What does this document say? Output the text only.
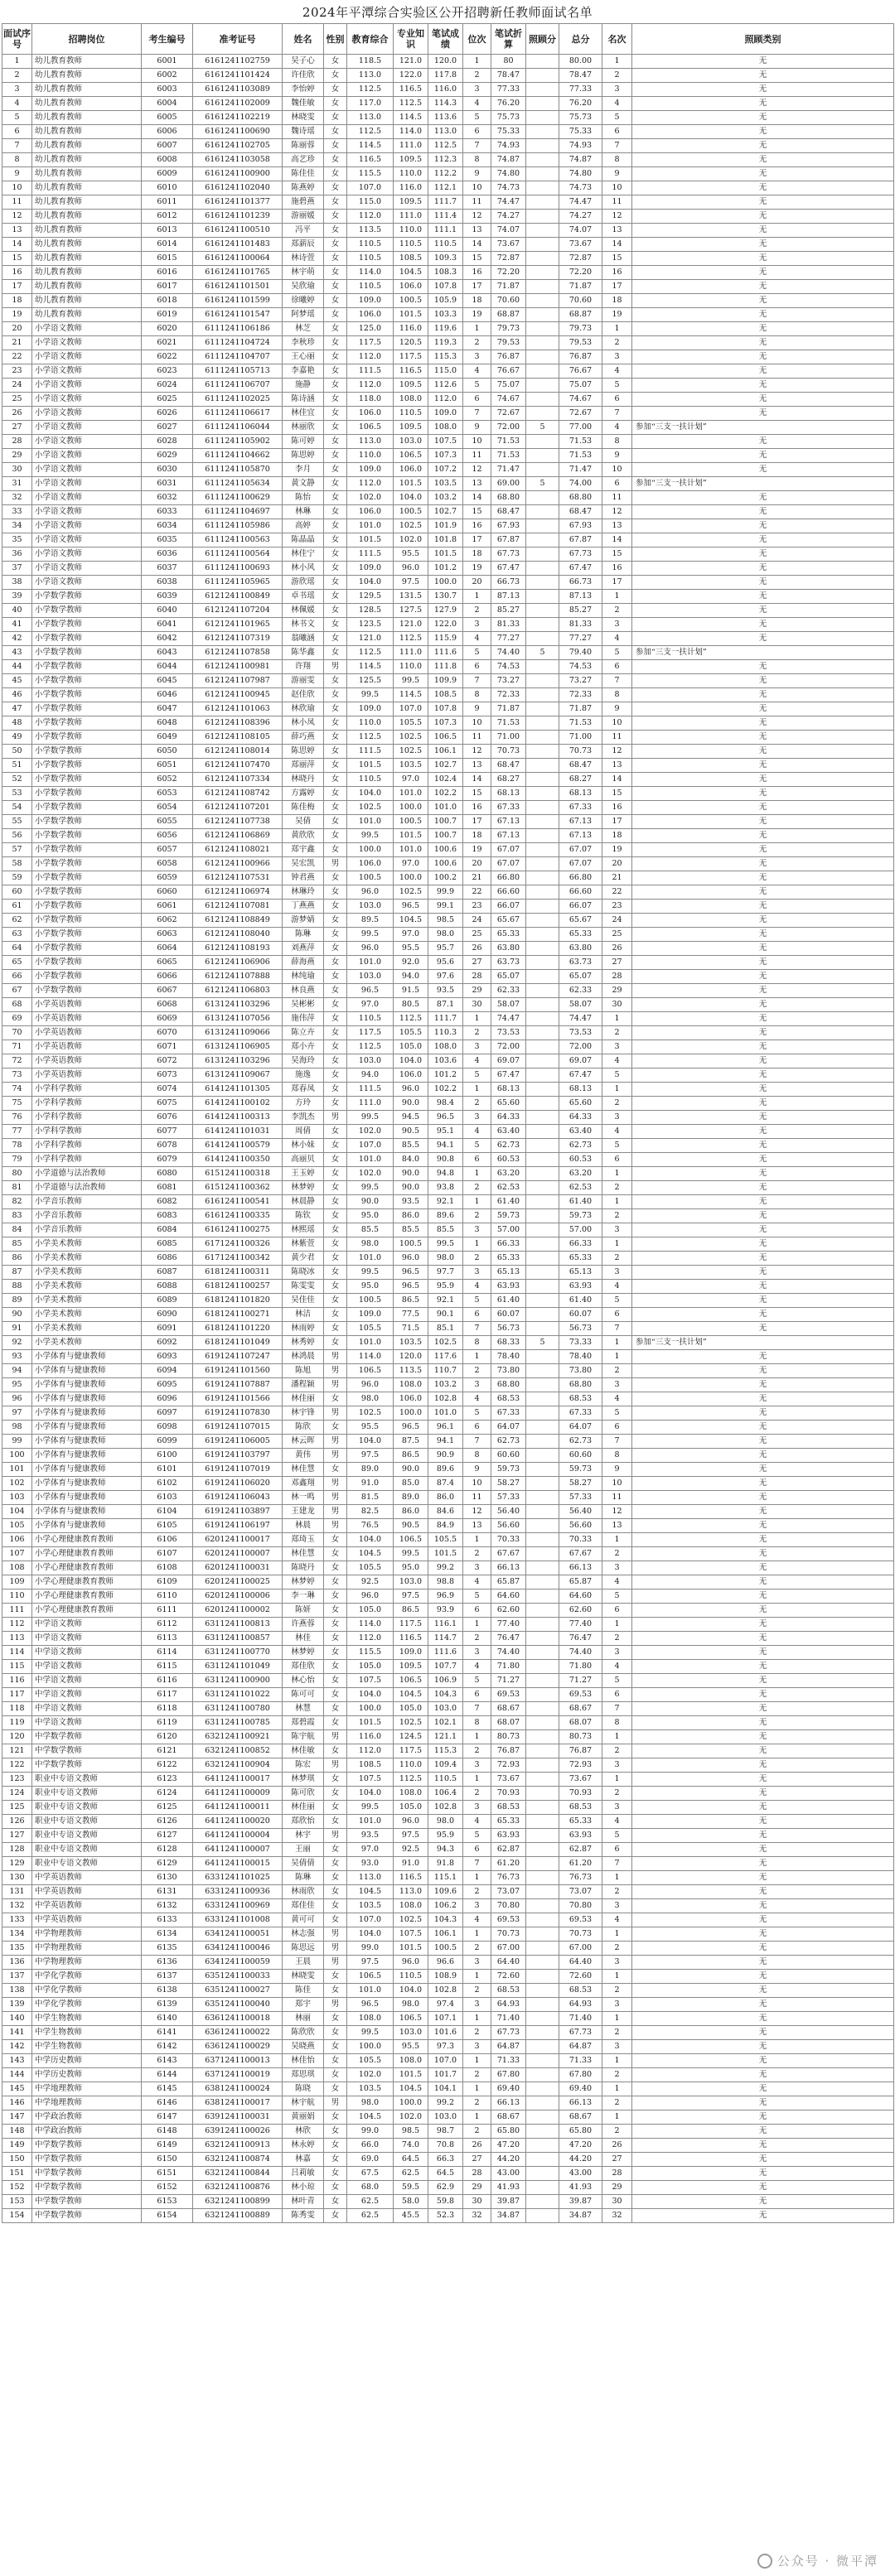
2024年平潭综合实验区公开招聘新任教师面试名单
面试序号	招聘岗位	考生编号	准考证号	姓名	性别	教育综合	专业知识	笔试成绩	位次	笔试折算	照顾分	总分	名次	照顾类别
1	幼儿教育教师	6001	6161241102759	吴子心	女	118.5	121.0	120.0	1	80		80.00	1	无
2	幼儿教育教师	6002	6161241101424	许佳欣	女	113.0	122.0	117.8	2	78.47		78.47	2	无
3	幼儿教育教师	6003	6161241103089	李怡婷	女	112.5	116.5	116.0	3	77.33		77.33	3	无
4	幼儿教育教师	6004	6161241102009	魏佳敏	女	117.0	112.5	114.3	4	76.20		76.20	4	无
5	幼儿教育教师	6005	6161241102219	林晓雯	女	113.0	114.5	113.6	5	75.73		75.73	5	无
6	幼儿教育教师	6006	6161241100690	魏诗瑶	女	112.5	114.0	113.0	6	75.33		75.33	6	无
7	幼儿教育教师	6007	6161241102705	陈丽蓉	女	114.5	111.0	112.5	7	74.93		74.93	7	无
8	幼儿教育教师	6008	6161241103058	高艺珍	女	116.5	109.5	112.3	8	74.87		74.87	8	无
9	幼儿教育教师	6009	6161241100900	陈佳佳	女	115.5	110.0	112.2	9	74.80		74.80	9	无
10	幼儿教育教师	6010	6161241102040	陈燕婷	女	107.0	116.0	112.1	10	74.73		74.73	10	无
11	幼儿教育教师	6011	6161241101377	施碧燕	女	115.0	109.5	111.7	11	74.47		74.47	11	无
12	幼儿教育教师	6012	6161241101239	游丽媛	女	112.0	111.0	111.4	12	74.27		74.27	12	无
13	幼儿教育教师	6013	6161241100510	冯平	女	113.5	110.0	111.1	13	74.07		74.07	13	无
14	幼儿教育教师	6014	6161241101483	郑薪辰	女	110.5	110.5	110.5	14	73.67		73.67	14	无
15	幼儿教育教师	6015	6161241100064	林诗萱	女	110.5	108.5	109.3	15	72.87		72.87	15	无
16	幼儿教育教师	6016	6161241101765	林宇萌	女	114.0	104.5	108.3	16	72.20		72.20	16	无
17	幼儿教育教师	6017	6161241101501	吴欣瑜	女	110.5	106.0	107.8	17	71.87		71.87	17	无
18	幼儿教育教师	6018	6161241101599	徐曦婷	女	109.0	100.5	105.9	18	70.60		70.60	18	无
19	幼儿教育教师	6019	6161241101547	阿梦瑶	女	106.0	101.5	103.3	19	68.87		68.87	19	无
20	小学语文教师	6020	6111241106186	林芝	女	125.0	116.0	119.6	1	79.73		79.73	1	无
21	小学语文教师	6021	6111241104724	李秋珍	女	117.5	120.5	119.3	2	79.53		79.53	2	无
22	小学语文教师	6022	6111241104707	王心丽	女	112.0	117.5	115.3	3	76.87		76.87	3	无
23	小学语文教师	6023	6111241105713	李嘉艳	女	111.5	116.5	115.0	4	76.67		76.67	4	无
24	小学语文教师	6024	6111241106707	施静	女	112.0	109.5	112.6	5	75.07		75.07	5	无
25	小学语文教师	6025	6111241102025	陈诗涵	女	118.0	108.0	112.0	6	74.67		74.67	6	无
26	小学语文教师	6026	6111241106617	林佳宜	女	106.0	110.5	109.0	7	72.67		72.67	7	无
27	小学语文教师	6027	6111241106044	林丽欣	女	106.5	109.5	108.0	9	72.00	5	77.00	4	参加“三支一扶计划”
28	小学语文教师	6028	6111241105902	陈可婷	女	113.0	103.0	107.5	10	71.53		71.53	8	无
29	小学语文教师	6029	6111241104662	陈思婷	女	110.0	106.5	107.3	11	71.53		71.53	9	无
30	小学语文教师	6030	6111241105870	李月	女	109.0	106.0	107.2	12	71.47		71.47	10	无
31	小学语文教师	6031	6111241105634	黄文静	女	112.0	101.5	103.5	13	69.00	5	74.00	6	参加“三支一扶计划”
32	小学语文教师	6032	6111241100629	陈怡	女	102.0	104.0	103.2	14	68.80		68.80	11	无
33	小学语文教师	6033	6111241104697	林琳	女	106.0	100.5	102.7	15	68.47		68.47	12	无
34	小学语文教师	6034	6111241105986	高婷	女	101.0	102.5	101.9	16	67.93		67.93	13	无
35	小学语文教师	6035	6111241100563	陈晶晶	女	101.5	102.0	101.8	17	67.87		67.87	14	无
36	小学语文教师	6036	6111241100564	林佳宁	女	111.5	95.5	101.5	18	67.73		67.73	15	无
37	小学语文教师	6037	6111241100693	林小风	女	109.0	96.0	101.2	19	67.47		67.47	16	无
38	小学语文教师	6038	6111241105965	游欣瑶	女	104.0	97.5	100.0	20	66.73		66.73	17	无
39	小学数学教师	6039	6121241100849	卓书瑶	女	129.5	131.5	130.7	1	87.13		87.13	1	无
40	小学数学教师	6040	6121241107204	林佩媛	女	128.5	127.5	127.9	2	85.27		85.27	2	无
41	小学数学教师	6041	6121241101965	林书文	女	123.5	121.0	122.0	3	81.33		81.33	3	无
42	小学数学教师	6042	6121241107319	翁曦涵	女	121.0	112.5	115.9	4	77.27		77.27	4	无
43	小学数学教师	6043	6121241107858	陈华鑫	女	112.5	111.0	111.6	5	74.40	5	79.40	5	参加“三支一扶计划”
44	小学数学教师	6044	6121241100981	许翔	男	114.5	110.0	111.8	6	74.53		74.53	6	无
45	小学数学教师	6045	6121241107987	游丽雯	女	125.5	99.5	109.9	7	73.27		73.27	7	无
46	小学数学教师	6046	6121241100945	赵佳欣	女	99.5	114.5	108.5	8	72.33		72.33	8	无
47	小学数学教师	6047	6121241101063	林欣瑜	女	109.0	107.0	107.8	9	71.87		71.87	9	无
48	小学数学教师	6048	6121241108396	林小凤	女	110.0	105.5	107.3	10	71.53		71.53	10	无
49	小学数学教师	6049	6121241108105	薛巧燕	女	112.5	102.5	106.5	11	71.00		71.00	11	无
50	小学数学教师	6050	6121241108014	陈思婷	女	111.5	102.5	106.1	12	70.73		70.73	12	无
51	小学数学教师	6051	6121241107470	郑丽萍	女	101.5	103.5	102.7	13	68.47		68.47	13	无
52	小学数学教师	6052	6121241107334	林晓丹	女	110.5	97.0	102.4	14	68.27		68.27	14	无
53	小学数学教师	6053	6121241108742	方露婷	女	104.0	101.0	102.2	15	68.13		68.13	15	无
54	小学数学教师	6054	6121241107201	陈佳梅	女	102.5	100.0	101.0	16	67.33		67.33	16	无
55	小学数学教师	6055	6121241107738	吴倩	女	101.0	100.5	100.7	17	67.13		67.13	17	无
56	小学数学教师	6056	6121241106869	黄欣欣	女	99.5	101.5	100.7	18	67.13		67.13	18	无
57	小学数学教师	6057	6121241108021	郑宇鑫	女	100.0	101.0	100.6	19	67.07		67.07	19	无
58	小学数学教师	6058	6121241100966	吴宏凯	男	106.0	97.0	100.6	20	67.07		67.07	20	无
59	小学数学教师	6059	6121241107531	钟君燕	女	100.5	100.0	100.2	21	66.80		66.80	21	无
60	小学数学教师	6060	6121241106974	林琳玲	女	96.0	102.5	99.9	22	66.60		66.60	22	无
61	小学数学教师	6061	6121241107081	丁燕燕	女	103.0	96.5	99.1	23	66.07		66.07	23	无
62	小学数学教师	6062	6121241108849	游梦婧	女	89.5	104.5	98.5	24	65.67		65.67	24	无
63	小学数学教师	6063	6121241108040	陈琳	女	99.5	97.0	98.0	25	65.33		65.33	25	无
64	小学数学教师	6064	6121241108193	刘燕萍	女	96.0	95.5	95.7	26	63.80		63.80	26	无
65	小学数学教师	6065	6121241106906	薛海燕	女	101.0	92.0	95.6	27	63.73		63.73	27	无
66	小学数学教师	6066	6121241107888	林纯瑜	女	103.0	94.0	97.6	28	65.07		65.07	28	无
67	小学数学教师	6067	6121241106803	林良燕	女	96.5	91.5	93.5	29	62.33		62.33	29	无
68	小学英语教师	6068	6131241103296	吴彬彬	女	97.0	80.5	87.1	30	58.07		58.07	30	无
69	小学英语教师	6069	6131241107056	施伟萍	女	110.5	112.5	111.7	1	74.47		74.47	1	无
70	小学英语教师	6070	6131241109066	陈立卉	女	117.5	105.5	110.3	2	73.53		73.53	2	无
71	小学英语教师	6071	6131241106905	郑小卉	女	112.5	105.0	108.0	3	72.00		72.00	3	无
72	小学英语教师	6072	6131241103296	吴海玲	女	103.0	104.0	103.6	4	69.07		69.07	4	无
73	小学英语教师	6073	6131241109067	施逸	女	94.0	106.0	101.2	5	67.47		67.47	5	无
74	小学科学教师	6074	6141241101305	郑春凤	女	111.5	96.0	102.2	1	68.13		68.13	1	无
75	小学科学教师	6075	6141241100102	方玲	女	111.0	90.0	98.4	2	65.60		65.60	2	无
76	小学科学教师	6076	6141241100313	李凯杰	男	99.5	94.5	96.5	3	64.33		64.33	3	无
77	小学科学教师	6077	6141241101031	周倩	女	102.0	90.5	95.1	4	63.40		63.40	4	无
78	小学科学教师	6078	6141241100579	林小妹	女	107.0	85.5	94.1	5	62.73		62.73	5	无
79	小学科学教师	6079	6141241100350	高丽贝	女	101.0	84.0	90.8	6	60.53		60.53	6	无
80	小学道德与法治教师	6080	6151241100318	王玉婷	女	102.0	90.0	94.8	1	63.20		63.20	1	无
81	小学道德与法治教师	6081	6151241100362	林梦婷	女	99.5	90.0	93.8	2	62.53		62.53	2	无
82	小学音乐教师	6082	6161241100541	林晨静	女	90.0	93.5	92.1	1	61.40		61.40	1	无
83	小学音乐教师	6083	6161241100335	陈钦	女	95.0	86.0	89.6	2	59.73		59.73	2	无
84	小学音乐教师	6084	6161241100275	林熙瑶	女	85.5	85.5	85.5	3	57.00		57.00	3	无
85	小学美术教师	6085	6171241100326	林紫萱	女	98.0	100.5	99.5	1	66.33		66.33	1	无
86	小学美术教师	6086	6171241100342	黄少君	女	101.0	96.0	98.0	2	65.33		65.33	2	无
87	小学美术教师	6087	6181241100311	陈晓冰	女	99.5	96.5	97.7	3	65.13		65.13	3	无
88	小学美术教师	6088	6181241100257	陈雯雯	女	95.0	96.5	95.9	4	63.93		63.93	4	无
89	小学美术教师	6089	6181241101820	吴佳佳	女	100.5	86.5	92.1	5	61.40		61.40	5	无
90	小学美术教师	6090	6181241100271	林洁	女	109.0	77.5	90.1	6	60.07		60.07	6	无
91	小学美术教师	6091	6181241101220	林雨婷	女	105.5	71.5	85.1	7	56.73		56.73	7	无
92	小学美术教师	6092	6181241101049	林秀婷	女	101.0	103.5	102.5	8	68.33	5	73.33	1	参加“三支一扶计划”
93	小学体育与健康教师	6093	6191241107247	林鸿晨	男	114.0	120.0	117.6	1	78.40		78.40	1	无
94	小学体育与健康教师	6094	6191241101560	陈旭	男	106.5	113.5	110.7	2	73.80		73.80	2	无
95	小学体育与健康教师	6095	6191241107887	潘程颖	男	96.0	108.0	103.2	3	68.80		68.80	3	无
96	小学体育与健康教师	6096	6191241101566	林佳丽	女	98.0	106.0	102.8	4	68.53		68.53	4	无
97	小学体育与健康教师	6097	6191241107830	林宇锋	男	102.5	100.0	101.0	5	67.33		67.33	5	无
98	小学体育与健康教师	6098	6191241107015	陈欣	女	95.5	96.5	96.1	6	64.07		64.07	6	无
99	小学体育与健康教师	6099	6191241106005	林云晖	男	104.0	87.5	94.1	7	62.73		62.73	7	无
100	小学体育与健康教师	6100	6191241103797	黄伟	男	97.5	86.5	90.9	8	60.60		60.60	8	无
101	小学体育与健康教师	6101	6191241107019	林佳慧	女	89.0	90.0	89.6	9	59.73		59.73	9	无
102	小学体育与健康教师	6102	6191241106020	邓鑫翔	男	91.0	85.0	87.4	10	58.27		58.27	10	无
103	小学体育与健康教师	6103	6191241106043	林一鸣	男	81.5	89.0	86.0	11	57.33		57.33	11	无
104	小学体育与健康教师	6104	6191241103897	王建龙	男	82.5	86.0	84.6	12	56.40		56.40	12	无
105	小学体育与健康教师	6105	6191241106197	林晨	男	76.5	90.5	84.9	13	56.60		56.60	13	无
106	小学心理健康教育教师	6106	6201241100017	郑琦玉	女	104.0	106.5	105.5	1	70.33		70.33	1	无
107	小学心理健康教育教师	6107	6201241100007	林佳慧	女	104.5	99.5	101.5	2	67.67		67.67	2	无
108	小学心理健康教育教师	6108	6201241100031	陈晓丹	女	105.5	95.0	99.2	3	66.13		66.13	3	无
109	小学心理健康教育教师	6109	6201241100025	林梦婷	女	92.5	103.0	98.8	4	65.87		65.87	4	无
110	小学心理健康教育教师	6110	6201241100006	李一琳	女	96.0	97.5	96.9	5	64.60		64.60	5	无
111	小学心理健康教育教师	6111	6201241100002	陈妍	女	105.0	86.5	93.9	6	62.60		62.60	6	无
112	中学语文教师	6112	6311241100813	许燕蓉	女	114.0	117.5	116.1	1	77.40		77.40	1	无
113	中学语文教师	6113	6311241100857	林佳	女	112.0	116.5	114.7	2	76.47		76.47	2	无
114	中学语文教师	6114	6311241100770	林梦婷	女	115.5	109.0	111.6	3	74.40		74.40	3	无
115	中学语文教师	6115	6311241101049	郑佳欣	女	105.0	109.5	107.7	4	71.80		71.80	4	无
116	中学语文教师	6116	6311241100900	林心怡	女	107.5	106.5	106.9	5	71.27		71.27	5	无
117	中学语文教师	6117	6311241101022	陈可可	女	104.0	104.5	104.3	6	69.53		69.53	6	无
118	中学语文教师	6118	6311241100780	林慧	女	100.0	105.0	103.0	7	68.67		68.67	7	无
119	中学语文教师	6119	6311241100785	郑碧霞	女	101.5	102.5	102.1	8	68.07		68.07	8	无
120	中学数学教师	6120	6321241100921	陈宇航	男	116.0	124.5	121.1	1	80.73		80.73	1	无
121	中学数学教师	6121	6321241100852	林佳敏	女	112.0	117.5	115.3	2	76.87		76.87	2	无
122	中学数学教师	6122	6321241100904	陈宏	男	108.5	110.0	109.4	3	72.93		72.93	3	无
123	职业中专语文教师	6123	6411241100017	林梦琪	女	107.5	112.5	110.5	1	73.67		73.67	1	无
124	职业中专语文教师	6124	6411241100009	陈可欣	女	104.0	108.0	106.4	2	70.93		70.93	2	无
125	职业中专语文教师	6125	6411241100011	林佳丽	女	99.5	105.0	102.8	3	68.53		68.53	3	无
126	职业中专语文教师	6126	6411241100020	郑欣怡	女	101.0	96.0	98.0	4	65.33		65.33	4	无
127	职业中专语文教师	6127	6411241100004	林宇	男	93.5	97.5	95.9	5	63.93		63.93	5	无
128	职业中专语文教师	6128	6411241100007	王丽	女	97.0	92.5	94.3	6	62.87		62.87	6	无
129	职业中专语文教师	6129	6411241100015	吴倩倩	女	93.0	91.0	91.8	7	61.20		61.20	7	无
130	中学英语教师	6130	6331241101025	陈琳	女	113.0	116.5	115.1	1	76.73		76.73	1	无
131	中学英语教师	6131	6331241100936	林雨欣	女	104.5	113.0	109.6	2	73.07		73.07	2	无
132	中学英语教师	6132	6331241100969	郑佳佳	女	103.5	108.0	106.2	3	70.80		70.80	3	无
133	中学英语教师	6133	6331241101008	黄可可	女	107.0	102.5	104.3	4	69.53		69.53	4	无
134	中学物理教师	6134	6341241100051	林志强	男	104.0	107.5	106.1	1	70.73		70.73	1	无
135	中学物理教师	6135	6341241100046	陈思远	男	99.0	101.5	100.5	2	67.00		67.00	2	无
136	中学物理教师	6136	6341241100059	王晨	男	97.5	96.0	96.6	3	64.40		64.40	3	无
137	中学化学教师	6137	6351241100033	林晓雯	女	106.5	110.5	108.9	1	72.60		72.60	1	无
138	中学化学教师	6138	6351241100027	陈佳	女	101.0	104.0	102.8	2	68.53		68.53	2	无
139	中学化学教师	6139	6351241100040	郑宇	男	96.5	98.0	97.4	3	64.93		64.93	3	无
140	中学生物教师	6140	6361241100018	林丽	女	108.0	106.5	107.1	1	71.40		71.40	1	无
141	中学生物教师	6141	6361241100022	陈欣欣	女	99.5	103.0	101.6	2	67.73		67.73	2	无
142	中学生物教师	6142	6361241100029	吴晓燕	女	100.0	95.5	97.3	3	64.87		64.87	3	无
143	中学历史教师	6143	6371241100013	林佳怡	女	105.5	108.0	107.0	1	71.33		71.33	1	无
144	中学历史教师	6144	6371241100019	郑思琪	女	102.0	101.5	101.7	2	67.80		67.80	2	无
145	中学地理教师	6145	6381241100024	陈晓	女	103.5	104.5	104.1	1	69.40		69.40	1	无
146	中学地理教师	6146	6381241100017	林宇航	男	98.0	100.0	99.2	2	66.13		66.13	2	无
147	中学政治教师	6147	6391241100031	黄丽娟	女	104.5	102.0	103.0	1	68.67		68.67	1	无
148	中学政治教师	6148	6391241100026	林欣	女	99.0	98.5	98.7	2	65.80		65.80	2	无
149	中学数学教师	6149	6321241100913	林永婷	女	66.0	74.0	70.8	26	47.20		47.20	26	无
150	中学数学教师	6150	6321241100874	林嘉	女	69.0	64.5	66.3	27	44.20		44.20	27	无
151	中学数学教师	6151	6321241100844	吕莉敏	女	67.5	62.5	64.5	28	43.00		43.00	28	无
152	中学数学教师	6152	6321241100876	林小琼	女	68.0	59.5	62.9	29	41.93		41.93	29	无
153	中学数学教师	6153	6321241100899	林叶青	女	62.5	58.0	59.8	30	39.87		39.87	30	无
154	中学数学教师	6154	6321241100889	陈秀雯	女	62.5	45.5	52.3	32	34.87		34.87	32	无
公众号 · 微平潭
